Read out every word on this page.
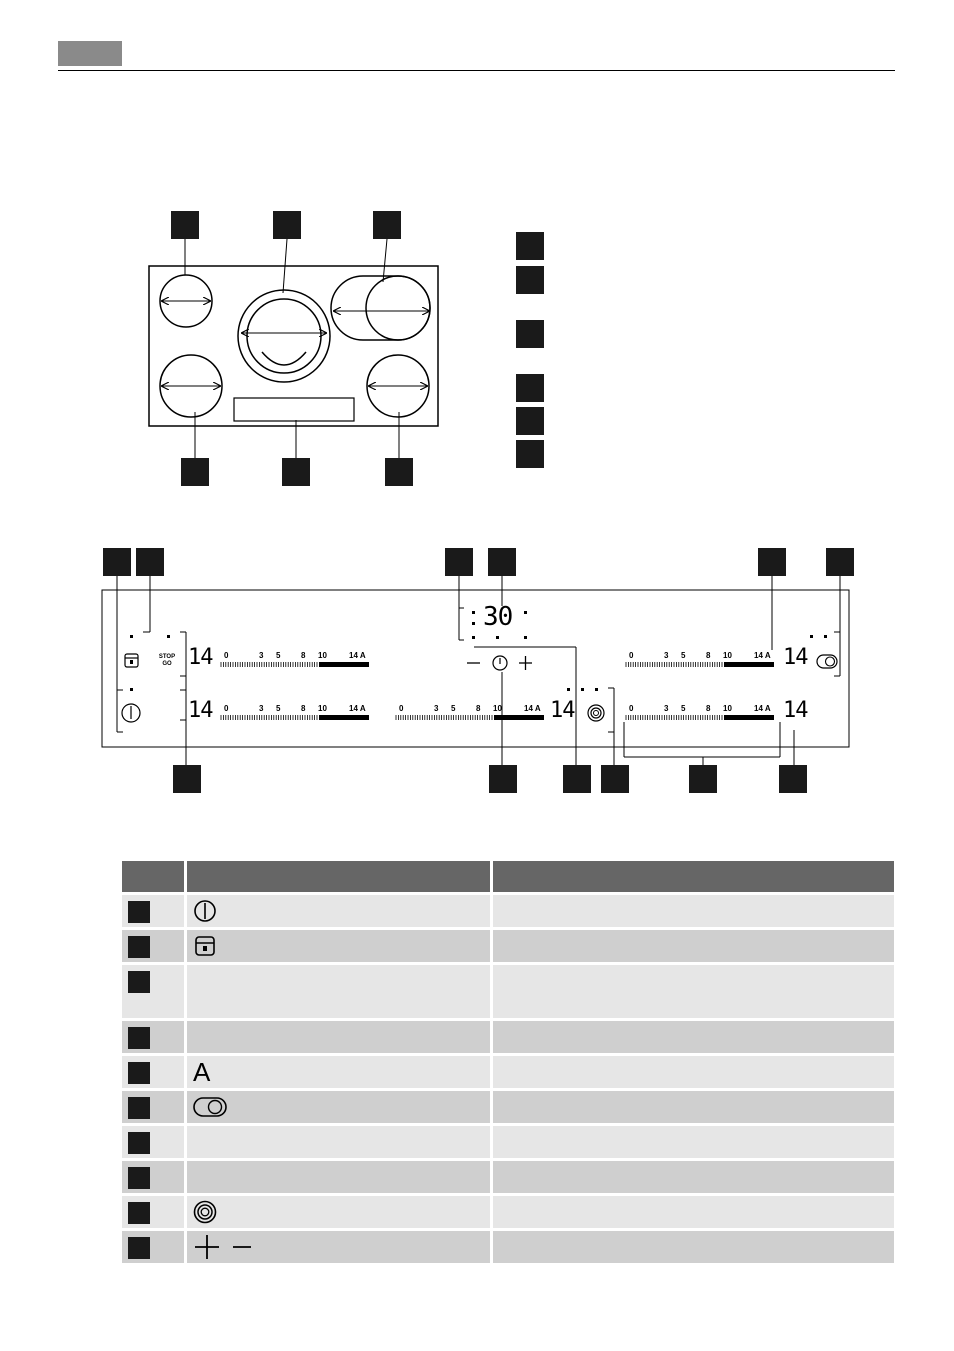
STOP
GO
30
14
14	14
14
14
0	3 5	8 10	14 A
0	3 5	8 10	14 A	0	3 5	8 10	14 A
0	3 5	8 10	14 A
0	3 5	8 10	14 A

	A	
